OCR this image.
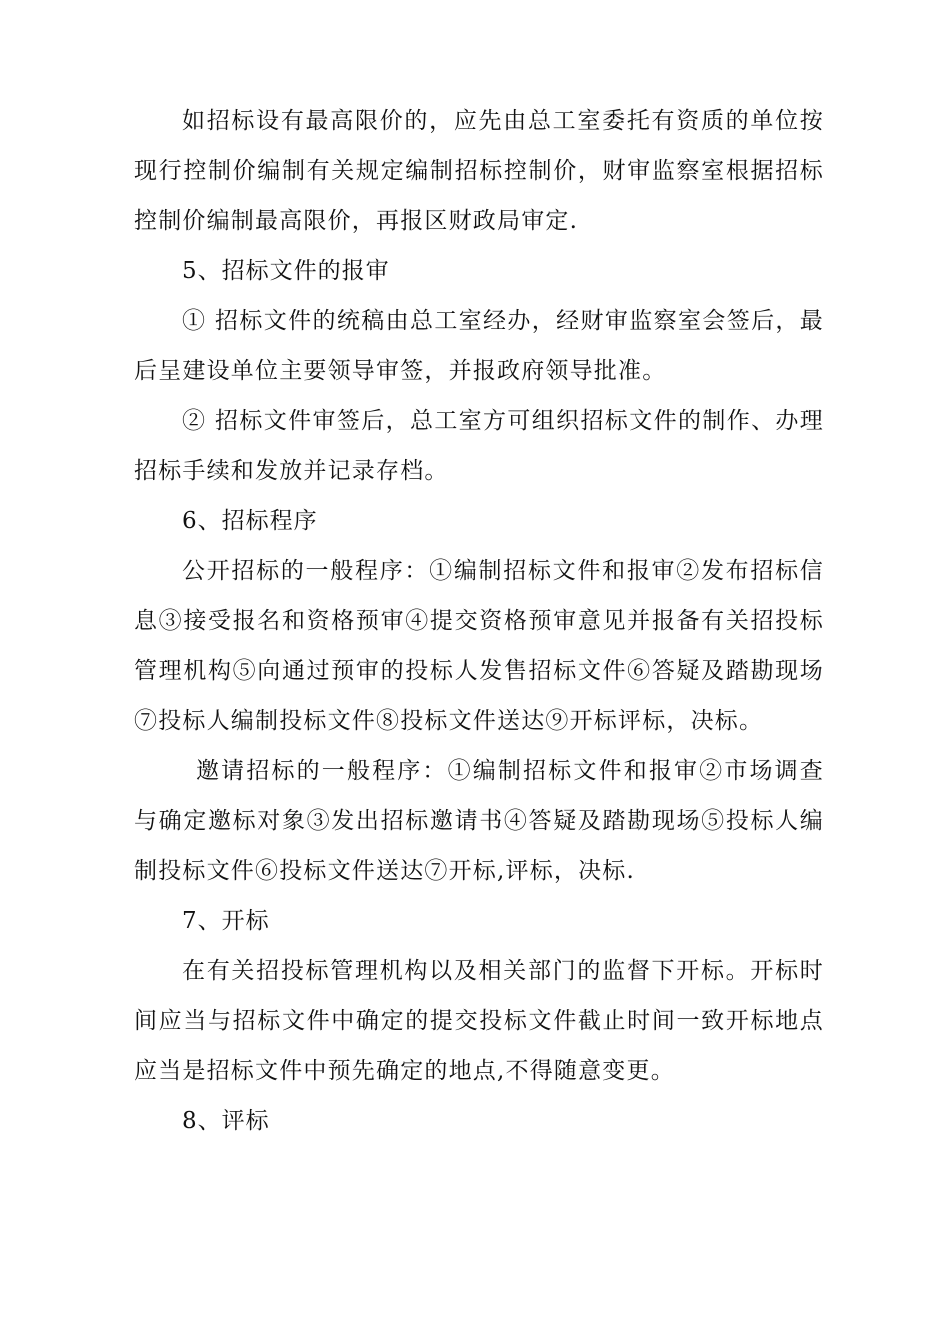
如招标设有最高限价的，应先由总工室委托有资质的单位按现行控制价编制有关规定编制招标控制价，财审监察室根据招标控制价编制最高限价，再报区财政局审定.

5、招标文件的报审

① 招标文件的统稿由总工室经办，经财审监察室会签后，最后呈建设单位主要领导审签，并报政府领导批准。

② 招标文件审签后，总工室方可组织招标文件的制作、办理招标手续和发放并记录存档。

6、招标程序

公开招标的一般程序：①编制招标文件和报审②发布招标信息③接受报名和资格预审④提交资格预审意见并报备有关招投标管理机构⑤向通过预审的投标人发售招标文件⑥答疑及踏勘现场⑦投标人编制投标文件⑧投标文件送达⑨开标评标，决标。

邀请招标的一般程序：①编制招标文件和报审②市场调查与确定邀标对象③发出招标邀请书④答疑及踏勘现场⑤投标人编制投标文件⑥投标文件送达⑦开标,评标，决标.

7、开标

在有关招投标管理机构以及相关部门的监督下开标。开标时间应当与招标文件中确定的提交投标文件截止时间一致开标地点应当是招标文件中预先确定的地点,不得随意变更。

8、评标
